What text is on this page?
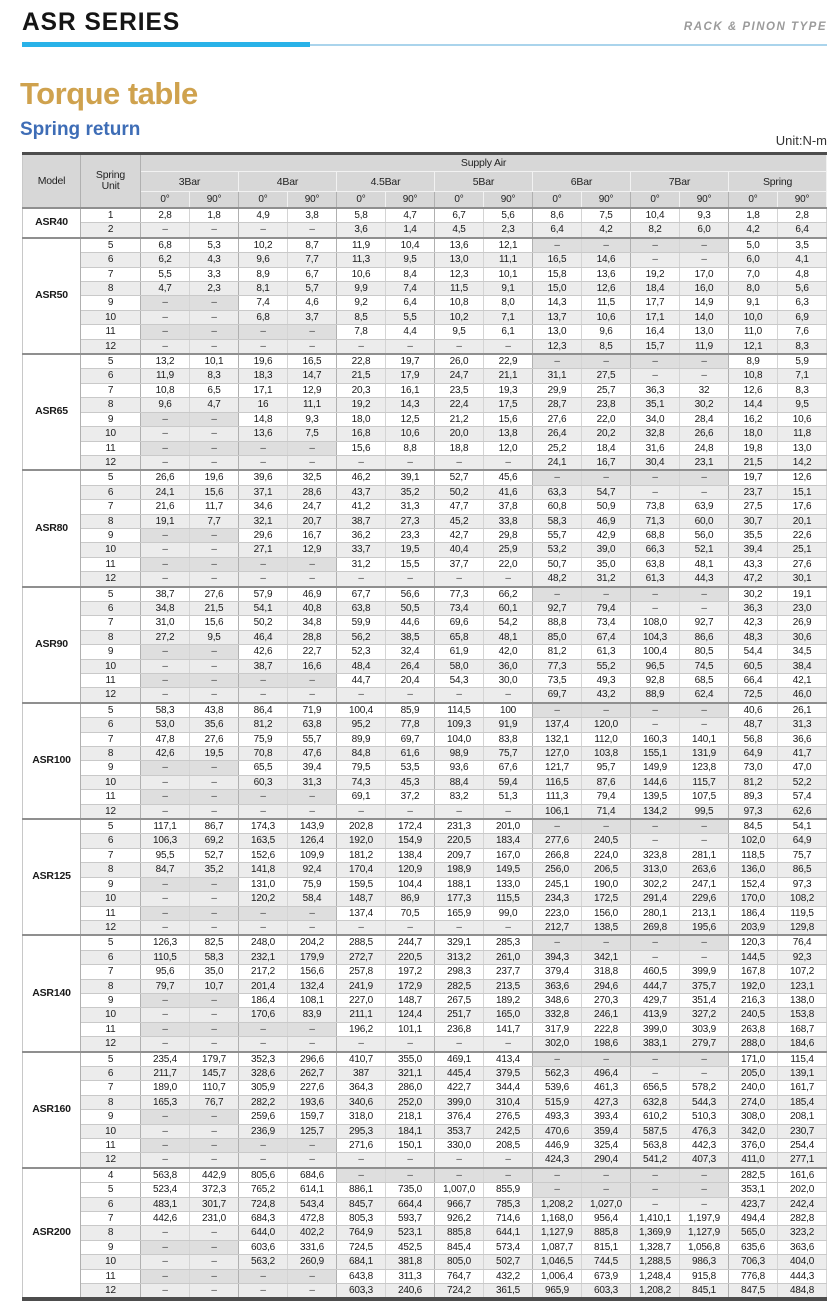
ASR SERIES	RACK & PINON TYPE
Torque table
Spring return
Unit:N-m
Model	Spring Unit	Supply Air													
		3Bar		4Bar		4.5Bar		5Bar		6Bar		7Bar		Spring	
		0°	90°	0°	90°	0°	90°	0°	90°	0°	90°	0°	90°	0°	90°
ASR40	1	2,8	1,8	4,9	3,8	5,8	4,7	6,7	5,6	8,6	7,5	10,4	9,3	1,8	2,8
	2	–	–	–	–	3,6	1,4	4,5	2,3	6,4	4,2	8,2	6,0	4,2	6,4
ASR50	5	6,8	5,3	10,2	8,7	11,9	10,4	13,6	12,1	–	–	–	–	5,0	3,5
	6	6,2	4,3	9,6	7,7	11,3	9,5	13,0	11,1	16,5	14,6	–	–	6,0	4,1
	7	5,5	3,3	8,9	6,7	10,6	8,4	12,3	10,1	15,8	13,6	19,2	17,0	7,0	4,8
	8	4,7	2,3	8,1	5,7	9,9	7,4	11,5	9,1	15,0	12,6	18,4	16,0	8,0	5,6
	9	–	–	7,4	4,6	9,2	6,4	10,8	8,0	14,3	11,5	17,7	14,9	9,1	6,3
	10	–	–	6,8	3,7	8,5	5,5	10,2	7,1	13,7	10,6	17,1	14,0	10,0	6,9
	11	–	–	–	–	7,8	4,4	9,5	6,1	13,0	9,6	16,4	13,0	11,0	7,6
	12	–	–	–	–	–	–	–	–	12,3	8,5	15,7	11,9	12,1	8,3
ASR65	5	13,2	10,1	19,6	16,5	22,8	19,7	26,0	22,9	–	–	–	–	8,9	5,9
	6	11,9	8,3	18,3	14,7	21,5	17,9	24,7	21,1	31,1	27,5	–	–	10,8	7,1
	7	10,8	6,5	17,1	12,9	20,3	16,1	23,5	19,3	29,9	25,7	36,3	32	12,6	8,3
	8	9,6	4,7	16	11,1	19,2	14,3	22,4	17,5	28,7	23,8	35,1	30,2	14,4	9,5
	9	–	–	14,8	9,3	18,0	12,5	21,2	15,6	27,6	22,0	34,0	28,4	16,2	10,6
	10	–	–	13,6	7,5	16,8	10,6	20,0	13,8	26,4	20,2	32,8	26,6	18,0	11,8
	11	–	–	–	–	15,6	8,8	18,8	12,0	25,2	18,4	31,6	24,8	19,8	13,0
	12	–	–	–	–	–	–	–	–	24,1	16,7	30,4	23,1	21,5	14,2
ASR80	5	26,6	19,6	39,6	32,5	46,2	39,1	52,7	45,6	–	–	–	–	19,7	12,6
	6	24,1	15,6	37,1	28,6	43,7	35,2	50,2	41,6	63,3	54,7	–	–	23,7	15,1
	7	21,6	11,7	34,6	24,7	41,2	31,3	47,7	37,8	60,8	50,9	73,8	63,9	27,5	17,6
	8	19,1	7,7	32,1	20,7	38,7	27,3	45,2	33,8	58,3	46,9	71,3	60,0	30,7	20,1
	9	–	–	29,6	16,7	36,2	23,3	42,7	29,8	55,7	42,9	68,8	56,0	35,5	22,6
	10	–	–	27,1	12,9	33,7	19,5	40,4	25,9	53,2	39,0	66,3	52,1	39,4	25,1
	11	–	–	–	–	31,2	15,5	37,7	22,0	50,7	35,0	63,8	48,1	43,3	27,6
	12	–	–	–	–	–	–	–	–	48,2	31,2	61,3	44,3	47,2	30,1
ASR90	5	38,7	27,6	57,9	46,9	67,7	56,6	77,3	66,2	–	–	–	–	30,2	19,1
	6	34,8	21,5	54,1	40,8	63,8	50,5	73,4	60,1	92,7	79,4	–	–	36,3	23,0
	7	31,0	15,6	50,2	34,8	59,9	44,6	69,6	54,2	88,8	73,4	108,0	92,7	42,3	26,9
	8	27,2	9,5	46,4	28,8	56,2	38,5	65,8	48,1	85,0	67,4	104,3	86,6	48,3	30,6
	9	–	–	42,6	22,7	52,3	32,4	61,9	42,0	81,2	61,3	100,4	80,5	54,4	34,5
	10	–	–	38,7	16,6	48,4	26,4	58,0	36,0	77,3	55,2	96,5	74,5	60,5	38,4
	11	–	–	–	–	44,7	20,4	54,3	30,0	73,5	49,3	92,8	68,5	66,4	42,1
	12	–	–	–	–	–	–	–	–	69,7	43,2	88,9	62,4	72,5	46,0
ASR100	5	58,3	43,8	86,4	71,9	100,4	85,9	114,5	100	–	–	–	–	40,6	26,1
	6	53,0	35,6	81,2	63,8	95,2	77,8	109,3	91,9	137,4	120,0	–	–	48,7	31,3
	7	47,8	27,6	75,9	55,7	89,9	69,7	104,0	83,8	132,1	112,0	160,3	140,1	56,8	36,6
	8	42,6	19,5	70,8	47,6	84,8	61,6	98,9	75,7	127,0	103,8	155,1	131,9	64,9	41,7
	9	–	–	65,5	39,4	79,5	53,5	93,6	67,6	121,7	95,7	149,9	123,8	73,0	47,0
	10	–	–	60,3	31,3	74,3	45,3	88,4	59,4	116,5	87,6	144,6	115,7	81,2	52,2
	11	–	–	–	–	69,1	37,2	83,2	51,3	111,3	79,4	139,5	107,5	89,3	57,4
	12	–	–	–	–	–	–	–	–	106,1	71,4	134,2	99,5	97,3	62,6
ASR125	5	117,1	86,7	174,3	143,9	202,8	172,4	231,3	201,0	–	–	–	–	84,5	54,1
	6	106,3	69,2	163,5	126,4	192,0	154,9	220,5	183,4	277,6	240,5	–	–	102,0	64,9
	7	95,5	52,7	152,6	109,9	181,2	138,4	209,7	167,0	266,8	224,0	323,8	281,1	118,5	75,7
	8	84,7	35,2	141,8	92,4	170,4	120,9	198,9	149,5	256,0	206,5	313,0	263,6	136,0	86,5
	9	–	–	131,0	75,9	159,5	104,4	188,1	133,0	245,1	190,0	302,2	247,1	152,4	97,3
	10	–	–	120,2	58,4	148,7	86,9	177,3	115,5	234,3	172,5	291,4	229,6	170,0	108,2
	11	–	–	–	–	137,4	70,5	165,9	99,0	223,0	156,0	280,1	213,1	186,4	119,5
	12	–	–	–	–	–	–	–	–	212,7	138,5	269,8	195,6	203,9	129,8
ASR140	5	126,3	82,5	248,0	204,2	288,5	244,7	329,1	285,3	–	–	–	–	120,3	76,4
	6	110,5	58,3	232,1	179,9	272,7	220,5	313,2	261,0	394,3	342,1	–	–	144,5	92,3
	7	95,6	35,0	217,2	156,6	257,8	197,2	298,3	237,7	379,4	318,8	460,5	399,9	167,8	107,2
	8	79,7	10,7	201,4	132,4	241,9	172,9	282,5	213,5	363,6	294,6	444,7	375,7	192,0	123,1
	9	–	–	186,4	108,1	227,0	148,7	267,5	189,2	348,6	270,3	429,7	351,4	216,3	138,0
	10	–	–	170,6	83,9	211,1	124,4	251,7	165,0	332,8	246,1	413,9	327,2	240,5	153,8
	11	–	–	–	–	196,2	101,1	236,8	141,7	317,9	222,8	399,0	303,9	263,8	168,7
	12	–	–	–	–	–	–	–	–	302,0	198,6	383,1	279,7	288,0	184,6
ASR160	5	235,4	179,7	352,3	296,6	410,7	355,0	469,1	413,4	–	–	–	–	171,0	115,4
	6	211,7	145,7	328,6	262,7	387	321,1	445,4	379,5	562,3	496,4	–	–	205,0	139,1
	7	189,0	110,7	305,9	227,6	364,3	286,0	422,7	344,4	539,6	461,3	656,5	578,2	240,0	161,7
	8	165,3	76,7	282,2	193,6	340,6	252,0	399,0	310,4	515,9	427,3	632,8	544,3	274,0	185,4
	9	–	–	259,6	159,7	318,0	218,1	376,4	276,5	493,3	393,4	610,2	510,3	308,0	208,1
	10	–	–	236,9	125,7	295,3	184,1	353,7	242,5	470,6	359,4	587,5	476,3	342,0	230,7
	11	–	–	–	–	271,6	150,1	330,0	208,5	446,9	325,4	563,8	442,3	376,0	254,4
	12	–	–	–	–	–	–	–	–	424,3	290,4	541,2	407,3	411,0	277,1
ASR200	4	563,8	442,9	805,6	684,6	–	–	–	–	–	–	–	–	282,5	161,6
	5	523,4	372,3	765,2	614,1	886,1	735,0	1,007,0	855,9	–	–	–	–	353,1	202,0
	6	483,1	301,7	724,8	543,4	845,7	664,4	966,7	785,3	1,208,2	1,027,0	–	–	423,7	242,4
	7	442,6	231,0	684,3	472,8	805,3	593,7	926,2	714,6	1,168,0	956,4	1,410,1	1,197,9	494,4	282,8
	8	–	–	644,0	402,2	764,9	523,1	885,8	644,1	1,127,9	885,8	1,369,9	1,127,9	565,0	323,2
	9	–	–	603,6	331,6	724,5	452,5	845,4	573,4	1,087,7	815,1	1,328,7	1,056,8	635,6	363,6
	10	–	–	563,2	260,9	684,1	381,8	805,0	502,7	1,046,5	744,5	1,288,5	986,3	706,3	404,0
	11	–	–	–	–	643,8	311,3	764,7	432,2	1,006,4	673,9	1,248,4	915,8	776,8	444,3
	12	–	–	–	–	603,3	240,6	724,2	361,5	965,9	603,3	1,208,2	845,1	847,5	484,8
